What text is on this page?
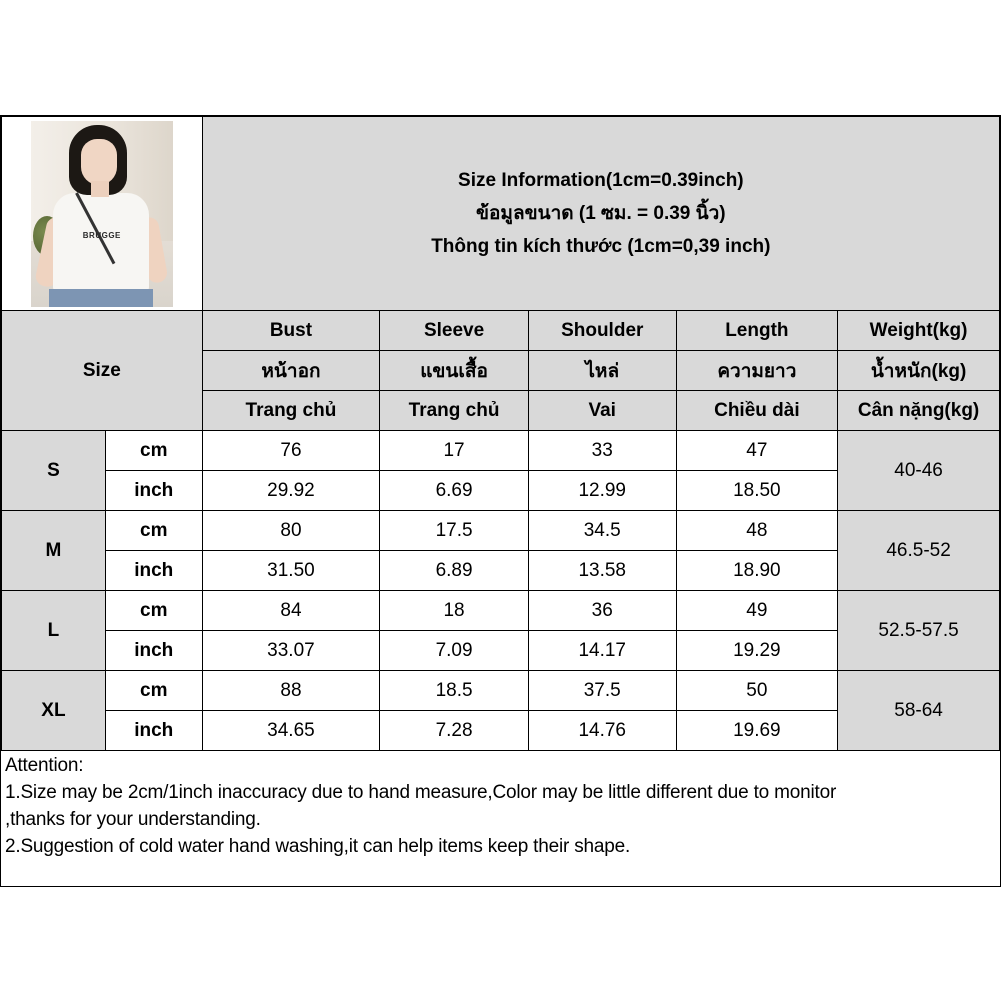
BRUGGE		Size Information(1cm=0.39inch)
ข้อมูลขนาด (1 ซม. = 0.39 นิ้ว)
Thông tin kích thước (1cm=0,39 inch)				

Size		Bust	Sleeve	Shoulder	Length	Weight(kg)
		หน้าอก	แขนเสื้อ	ไหล่	ความยาว	น้ำหนัก(kg)
		Trang chủ	Trang chủ	Vai	Chiều dài	Cân nặng(kg)
S	cm	76	17	33	47	40-46
	inch	29.92	6.69	12.99	18.50	
M	cm	80	17.5	34.5	48	46.5-52
	inch	31.50	6.89	13.58	18.90	
L	cm	84	18	36	49	52.5-57.5
	inch	33.07	7.09	14.17	19.29	
XL	cm	88	18.5	37.5	50	58-64
	inch	34.65	7.28	14.76	19.69	
Attention:
1.Size may be 2cm/1inch inaccuracy due to hand measure,Color may be little different due to monitor
,thanks for your understanding.
2.Suggestion of cold water hand washing,it can help items keep their shape.
